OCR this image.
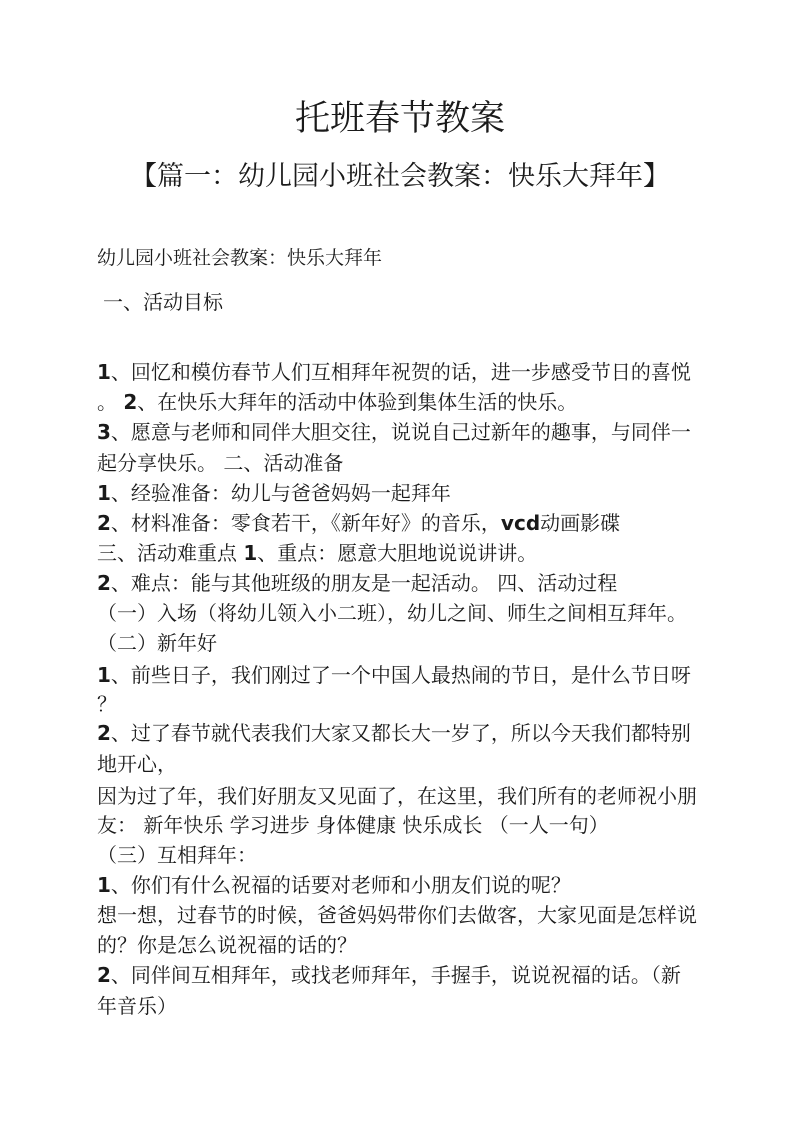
托班春节教案
【篇一：幼儿园小班社会教案：快乐大拜年】

幼儿园小班社会教案：快乐大拜年

一、活动目标

1、回忆和模仿春节人们互相拜年祝贺的话，进一步感受节日的喜悦

。 2、在快乐大拜年的活动中体验到集体生活的快乐。

3、愿意与老师和同伴大胆交往，说说自己过新年的趣事，与同伴一

起分享快乐。 二、活动准备

1、经验准备：幼儿与爸爸妈妈一起拜年

2、材料准备：零食若干，《新年好》的音乐，vcd动画影碟

三、活动难重点 1、重点：愿意大胆地说说讲讲。

2、难点：能与其他班级的朋友是一起活动。 四、活动过程

（一）入场（将幼儿领入小二班），幼儿之间、师生之间相互拜年。

（二）新年好

1、前些日子，我们刚过了一个中国人最热闹的节日，是什么节日呀

？

2、过了春节就代表我们大家又都长大一岁了，所以今天我们都特别

地开心，

因为过了年，我们好朋友又见面了，在这里，我们所有的老师祝小朋

友： 新年快乐 学习进步 身体健康 快乐成长 （一人一句）

（三）互相拜年：

1、你们有什么祝福的话要对老师和小朋友们说的呢？

想一想，过春节的时候，爸爸妈妈带你们去做客，大家见面是怎样说

的？你是怎么说祝福的话的？

2、同伴间互相拜年，或找老师拜年，手握手，说说祝福的话。（新

年音乐）
